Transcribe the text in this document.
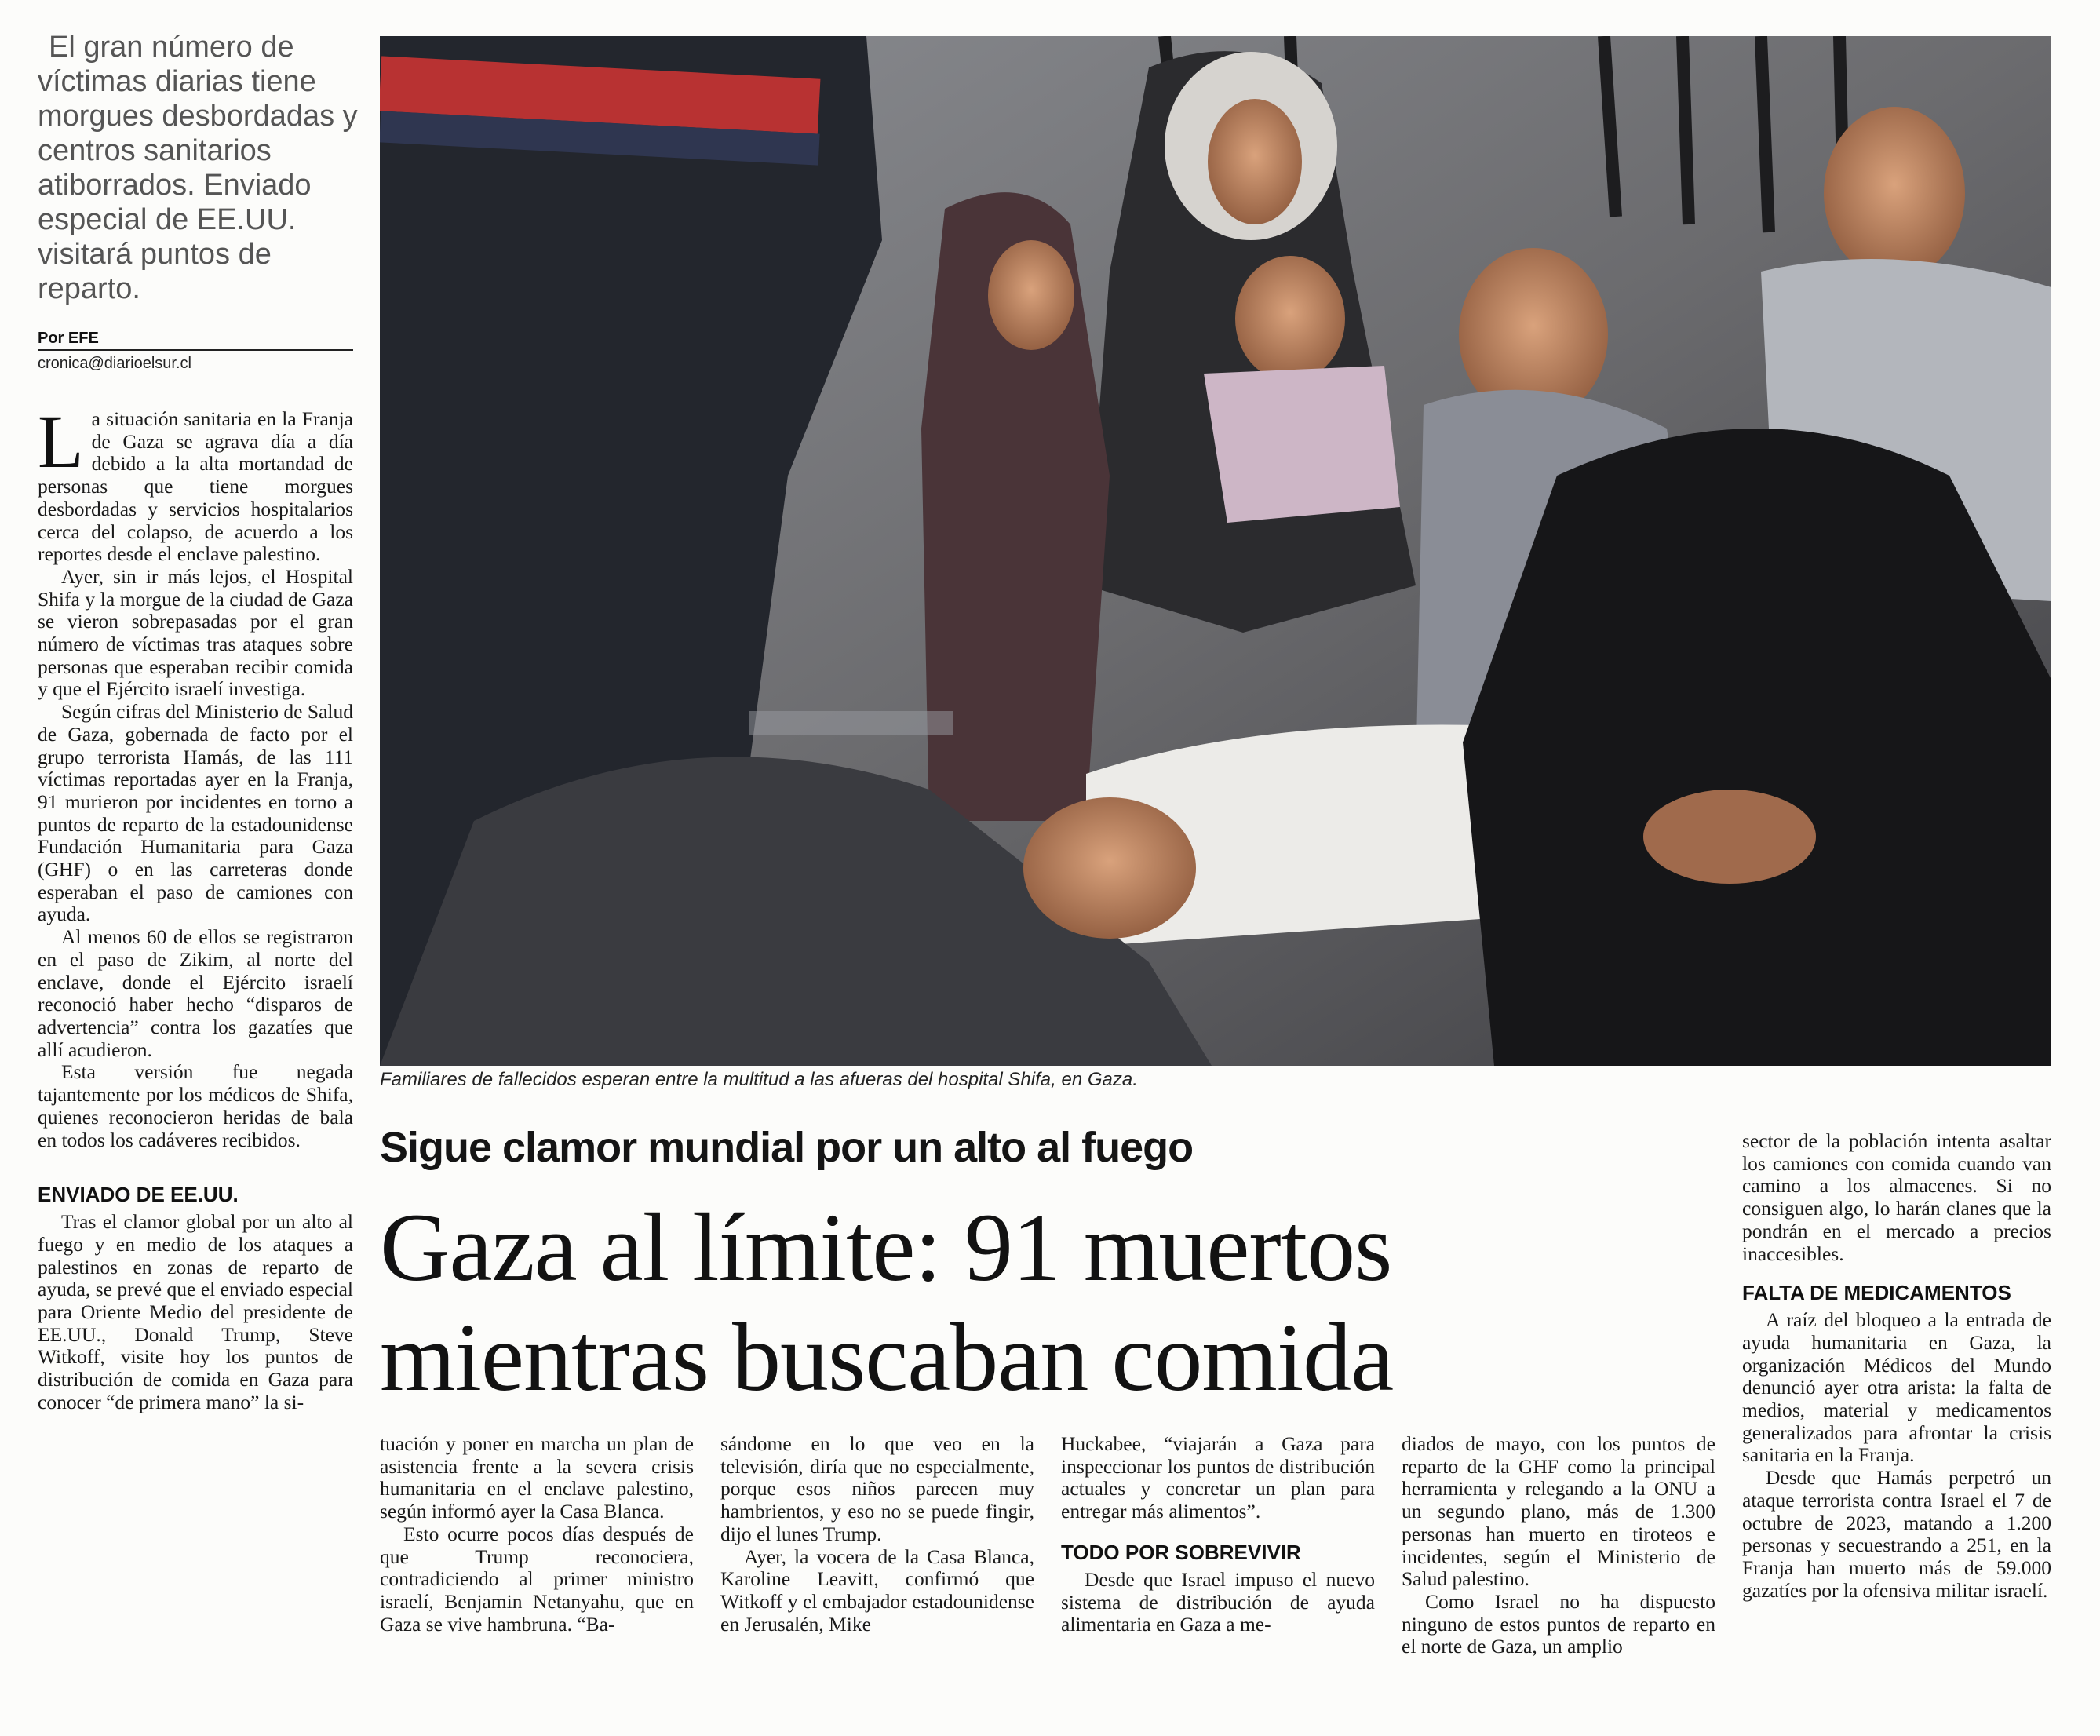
El gran número de víctimas diarias tiene morgues desbordadas y centros sanitarios atiborrados. Enviado especial de EE.UU. visitará puntos de reparto.
Por EFE
cronica@diarioelsur.cl

La situación sanitaria en la Franja de Gaza se agrava día a día debido a la alta mortandad de personas que tiene morgues desbordadas y servicios hospitalarios cerca del colapso, de acuerdo a los reportes desde el enclave palestino.

Ayer, sin ir más lejos, el Hospital Shifa y la morgue de la ciudad de Gaza se vieron sobrepasadas por el gran número de víctimas tras ataques sobre personas que esperaban recibir comida y que el Ejército israelí investiga.

Según cifras del Ministerio de Salud de Gaza, gobernada de facto por el grupo terrorista Hamás, de las 111 víctimas reportadas ayer en la Franja, 91 murieron por incidentes en torno a puntos de reparto de la estadounidense Fundación Humanitaria para Gaza (GHF) o en las carreteras donde esperaban el paso de camiones con ayuda.

Al menos 60 de ellos se registraron en el paso de Zikim, al norte del enclave, donde el Ejército israelí reconoció haber hecho “disparos de advertencia” contra los gazatíes que allí acudieron.

Esta versión fue negada tajantemente por los médicos de Shifa, quienes reconocieron heridas de bala en todos los cadáveres recibidos.

ENVIADO DE EE.UU.

Tras el clamor global por un alto al fuego y en medio de los ataques a palestinos en zonas de reparto de ayuda, se prevé que el enviado especial para Oriente Medio del presidente de EE.UU., Donald Trump, Steve Witkoff, visite hoy los puntos de distribución de comida en Gaza para conocer “de primera mano” la si-

Familiares de fallecidos esperan entre la multitud a las afueras del hospital Shifa, en Gaza.
Sigue clamor mundial por un alto al fuego
Gaza al límite: 91 muertos
mientras buscaban comida

tuación y poner en marcha un plan de asistencia frente a la severa crisis humanitaria en el enclave palestino, según informó ayer la Casa Blanca.

Esto ocurre pocos días después de que Trump reconociera, contradiciendo al primer ministro israelí, Benjamin Netanyahu, que en Gaza se vive hambruna. “Ba-

sándome en lo que veo en la televisión, diría que no especialmente, porque esos niños parecen muy hambrientos, y eso no se puede fingir, dijo el lunes Trump.

Ayer, la vocera de la Casa Blanca, Karoline Leavitt, confirmó que Witkoff y el embajador estadounidense en Jerusalén, Mike

Huckabee, “viajarán a Gaza para inspeccionar los puntos de distribución actuales y concretar un plan para entregar más alimentos”.

TODO POR SOBREVIVIR

Desde que Israel impuso el nuevo sistema de distribución de ayuda alimentaria en Gaza a me-

diados de mayo, con los puntos de reparto de la GHF como la principal herramienta y relegando a la ONU a un segundo plano, más de 1.300 personas han muerto en tiroteos e incidentes, según el Ministerio de Salud palestino.

Como Israel no ha dispuesto ninguno de estos puntos de reparto en el norte de Gaza, un amplio

sector de la población intenta asaltar los camiones con comida cuando van camino a los almacenes. Si no consiguen algo, lo harán clanes que la pondrán en el mercado a precios inaccesibles.

FALTA DE MEDICAMENTOS

A raíz del bloqueo a la entrada de ayuda humanitaria en Gaza, la organización Médicos del Mundo denunció ayer otra arista: la falta de medios, material y medicamentos generalizados para afrontar la crisis sanitaria en la Franja.

Desde que Hamás perpetró un ataque terrorista contra Israel el 7 de octubre de 2023, matando a 1.200 personas y secuestrando a 251, en la Franja han muerto más de 59.000 gazatíes por la ofensiva militar israelí.
